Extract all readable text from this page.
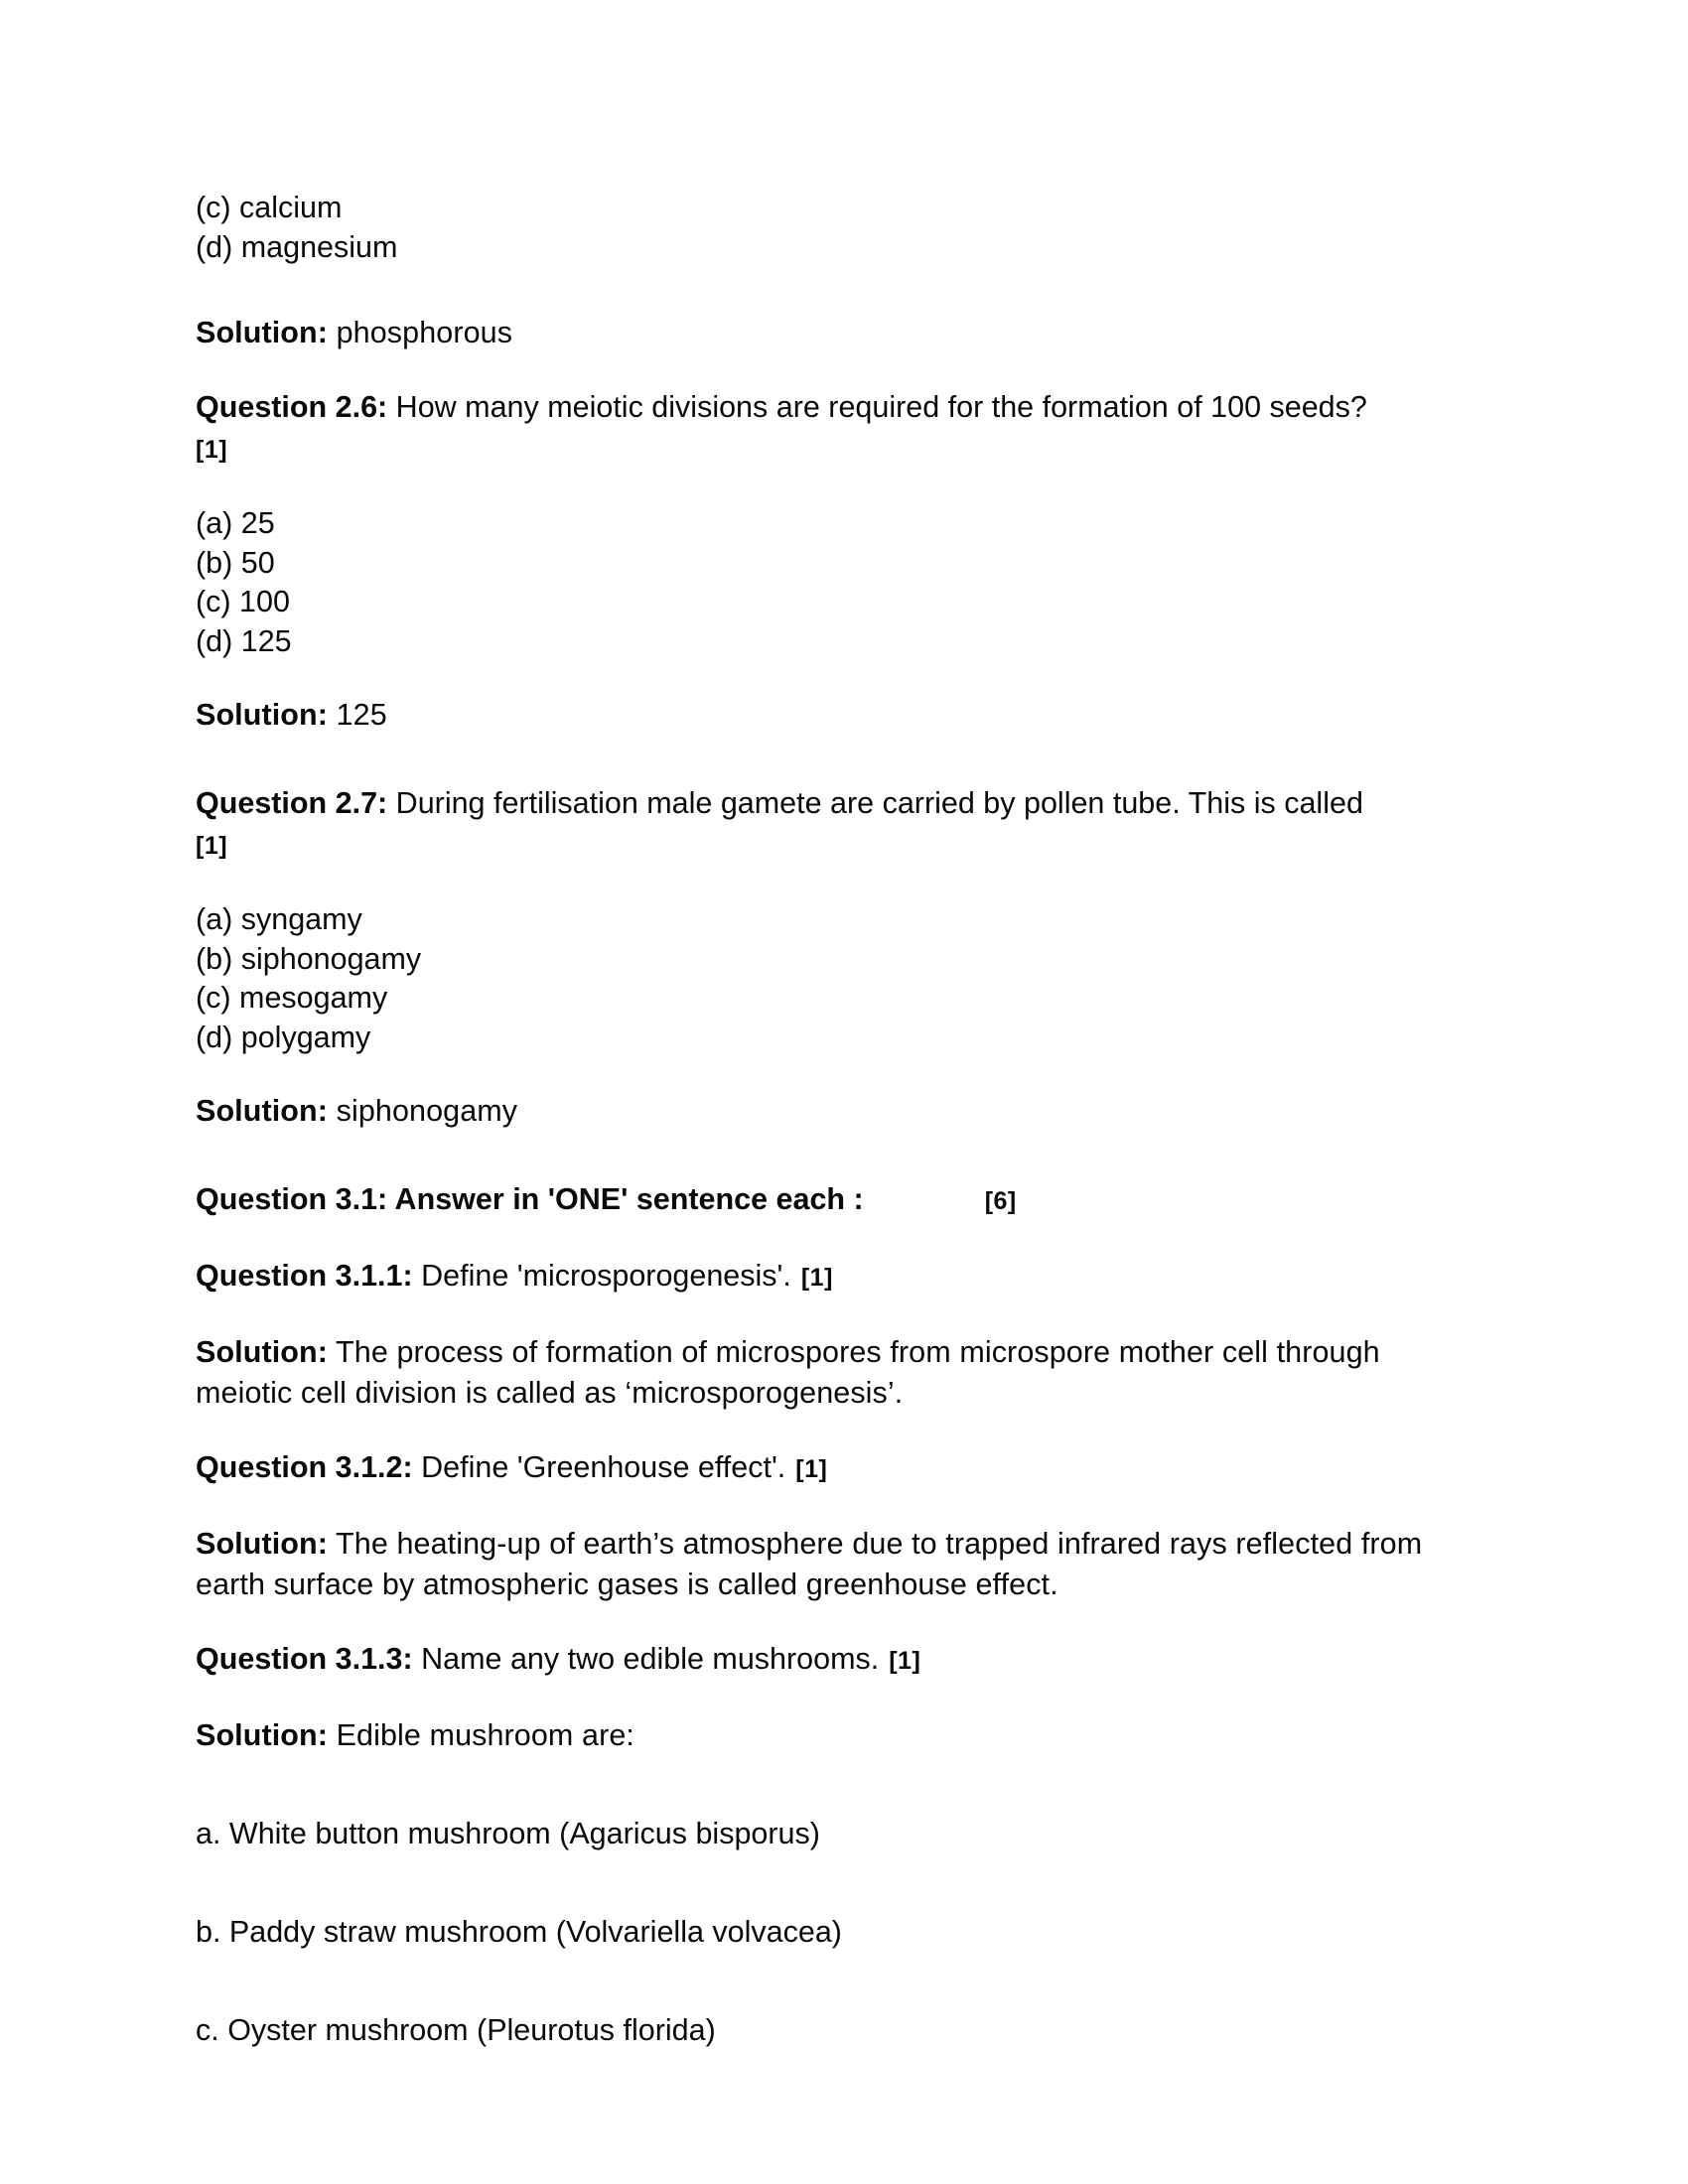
(c) calcium
(d) magnesium

Solution: phosphorous

Question 2.6: How many meiotic divisions are required for the formation of 100 seeds?
[1]

(a) 25
(b) 50
(c) 100
(d) 125

Solution: 125

Question 2.7: During fertilisation male gamete are carried by pollen tube. This is called
[1]

(a) syngamy
(b) siphonogamy
(c) mesogamy
(d) polygamy

Solution: siphonogamy

Question 3.1: Answer in 'ONE' sentence each :	[6]

Question 3.1.1: Define 'microsporogenesis'. [1]

Solution: The process of formation of microspores from microspore mother cell through meiotic cell division is called as ‘microsporogenesis’.

Question 3.1.2: Define 'Greenhouse effect'. [1]

Solution: The heating-up of earth’s atmosphere due to trapped infrared rays reflected from earth surface by atmospheric gases is called greenhouse effect.

Question 3.1.3: Name any two edible mushrooms. [1]

Solution: Edible mushroom are:

a. White button mushroom (Agaricus bisporus)

b. Paddy straw mushroom (Volvariella volvacea)

c. Oyster mushroom (Pleurotus florida)
